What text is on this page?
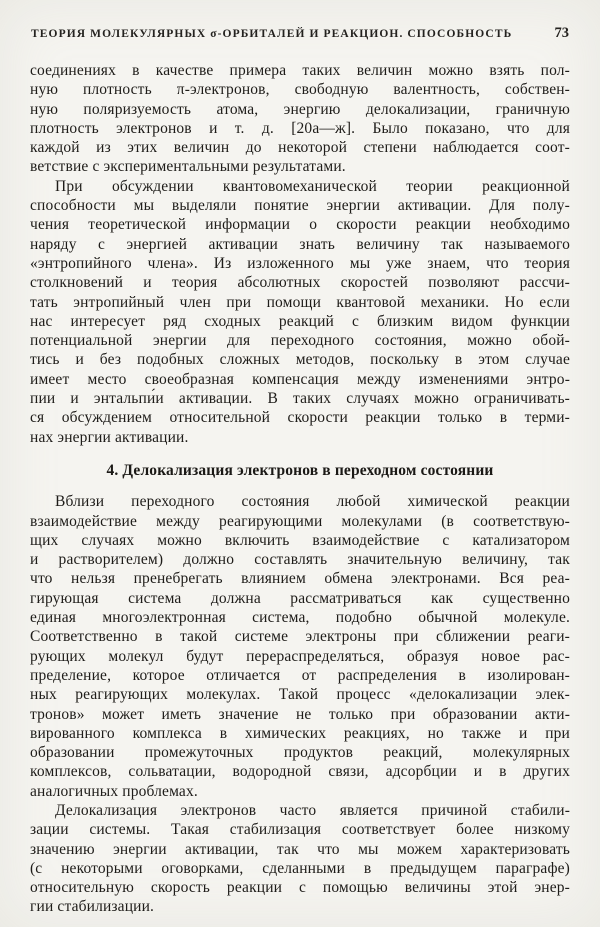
ТЕОРИЯ МОЛЕКУЛЯРНЫХ σ-ОРБИТАЛЕЙ И РЕАКЦИОН. СПОСОБНОСТЬ	73
соединениях в качестве примера таких величин можно взять пол-
ную плотность π-электронов, свободную валентность, собствен-
ную поляризуемость атома, энергию делокализации, граничную
плотность электронов и т. д. [20а—ж]. Было показано, что для
каждой из этих величин до некоторой степени наблюдается соот-
ветствие с экспериментальными результатами.
При обсуждении квантовомеханической теории реакционной
способности мы выделяли понятие энергии активации. Для полу-
чения теоретической информации о скорости реакции необходимо
наряду с энергией активации знать величину так называемого
«энтропийного члена». Из изложенного мы уже знаем, что теория
столкновений и теория абсолютных скоростей позволяют рассчи-
тать энтропийный член при помощи квантовой механики. Но если
нас интересует ряд сходных реакций с близким видом функции
потенциальной энергии для переходного состояния, можно обой-
тись и без подобных сложных методов, поскольку в этом случае
имеет место своеобразная компенсация между изменениями энтро-
пии и энтальпи́и активации. В таких случаях можно ограничивать-
ся обсуждением относительной скорости реакции только в терми-
нах энергии активации.
4. Делокализация электронов в переходном состоянии
Вблизи переходного состояния любой химической реакции
взаимодействие между реагирующими молекулами (в соответствую-
щих случаях можно включить взаимодействие с катализатором
и растворителем) должно составлять значительную величину, так
что нельзя пренебрегать влиянием обмена электронами. Вся реа-
гирующая система должна рассматриваться как существенно
единая многоэлектронная система, подобно обычной молекуле.
Соответственно в такой системе электроны при сближении реаги-
рующих молекул будут перераспределяться, образуя новое рас-
пределение, которое отличается от распределения в изолирован-
ных реагирующих молекулах. Такой процесс «делокализации элек-
тронов» может иметь значение не только при образовании акти-
вированного комплекса в химических реакциях, но также и при
образовании промежуточных продуктов реакций, молекулярных
комплексов, сольватации, водородной связи, адсорбции и в других
аналогичных проблемах.
Делокализация электронов часто является причиной стабили-
зации системы. Такая стабилизация соответствует более низкому
значению энергии активации, так что мы можем характеризовать
(с некоторыми оговорками, сделанными в предыдущем параграфе)
относительную скорость реакции с помощью величины этой энер-
гии стабилизации.
